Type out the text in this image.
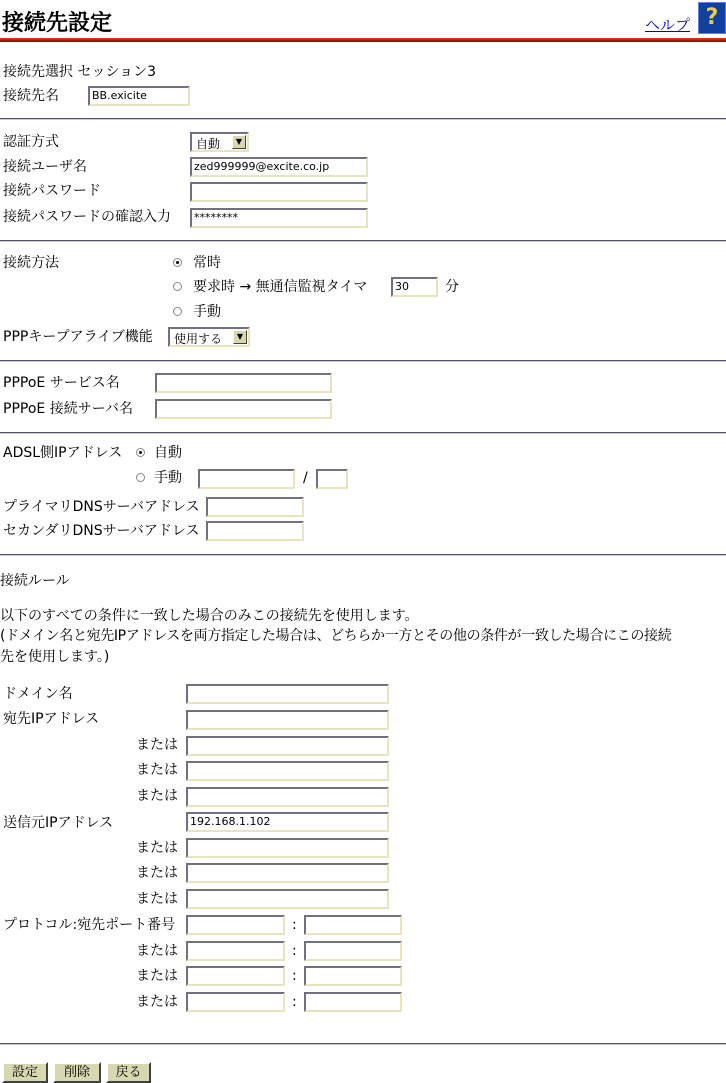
接続先設定	ヘルプ ?
接続先選択 セッション3
接続先名	BB.exicite
認証方式	自動	▼
接続ユーザ名	zed999999@excite.co.jp
接続パスワード
接続パスワードの確認入力	********
接続方法	常時
要求時 → 無通信監視タイマ	30	分
手動
PPPキープアライブ機能	使用する	▼
PPPoE サービス名
PPPoE 接続サーバ名
ADSL側IPアドレス 自動
手動	/
プライマリDNSサーバアドレス
セカンダリDNSサーバアドレス
接続ルール
以下のすべての条件に一致した場合のみこの接続先を使用します。
(ドメイン名と宛先IPアドレスを両方指定した場合は、どちらか一方とその他の条件が一致した場合にこの接続
先を使用します。)
ドメイン名
宛先IPアドレス
または
または
または
送信元IPアドレス	192.168.1.102
または
または
または
プロトコル:宛先ポート番号	:
または	:
または	:
または	:
設定	削除	戻る
